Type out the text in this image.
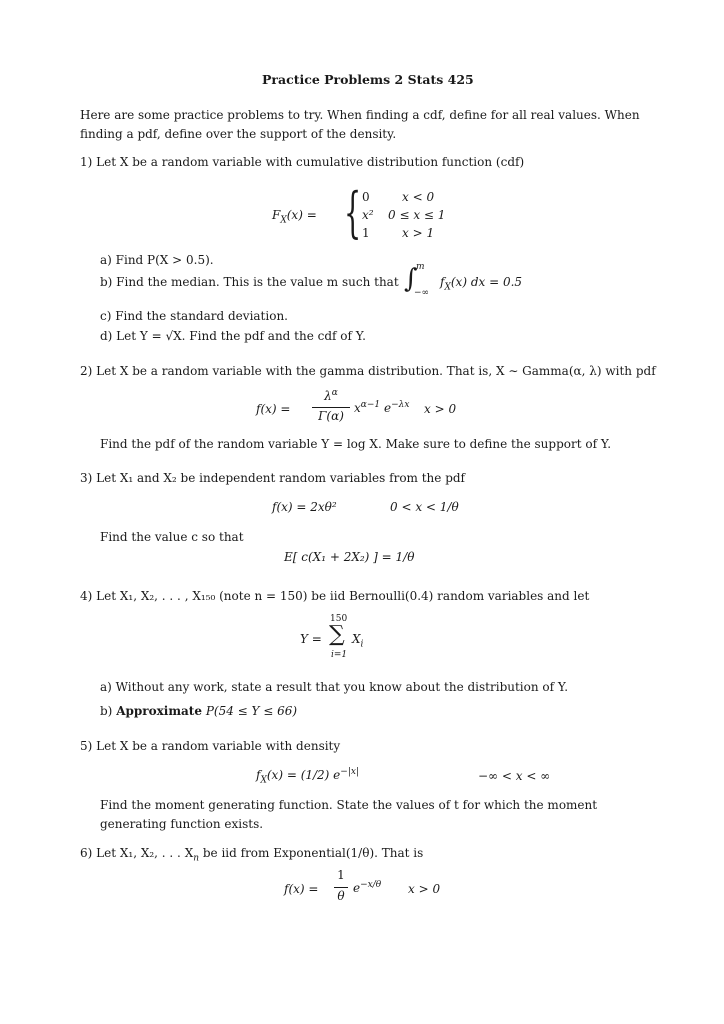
Practice Problems 2 Stats 425
Here are some practice problems to try. When finding a cdf, define for all real values. When finding a pdf, define over the support of the density.
1) Let X be a random variable with cumulative distribution function (cdf)
$F_X(x)$ = { 0	x < 0
x² 0 ≤ x ≤ 1
1	x > 1
a) Find P(X > 0.5).
b) Find the median. This is the value m such that
m
∫
−∞
$f_X(x)$ dx = 0.5
c) Find the standard deviation.
d) Let Y = √X. Find the pdf and the cdf of Y.
2) Let X be a random variable with the gamma distribution. That is, X ∼ Gamma(α, λ) with pdf
f(x) =
$\lambda^\alpha$
Γ(α)
$x^{\alpha-1}$ $e^{-\lambda x}$ x > 0
Find the pdf of the random variable Y = log X. Make sure to define the support of Y.
3) Let X₁ and X₂ be independent random variables from the pdf
f(x) = 2xθ²	0 < x < 1/θ
Find the value c so that
E[ c(X₁ + 2X₂) ] = 1/θ
4) Let X₁, X₂, . . . , X₁₅₀ (note n = 150) be iid Bernoulli(0.4) random variables and let
150
Y = ∑ $X_i$
i=1
a) Without any work, state a result that you know about the distribution of Y.
b) Approximate P(54 ≤ Y ≤ 66)
5) Let X be a random variable with density
$f_X(x) = (1/2)$ $e^{-|x|}$	−∞ < x < ∞
Find the moment generating function. State the values of t for which the moment generating function exists.
6) Let X₁, X₂, . . . $X_n$ be iid from Exponential(1/θ). That is
f(x) =
1
θ
$e^{-x/\theta}$ x > 0
